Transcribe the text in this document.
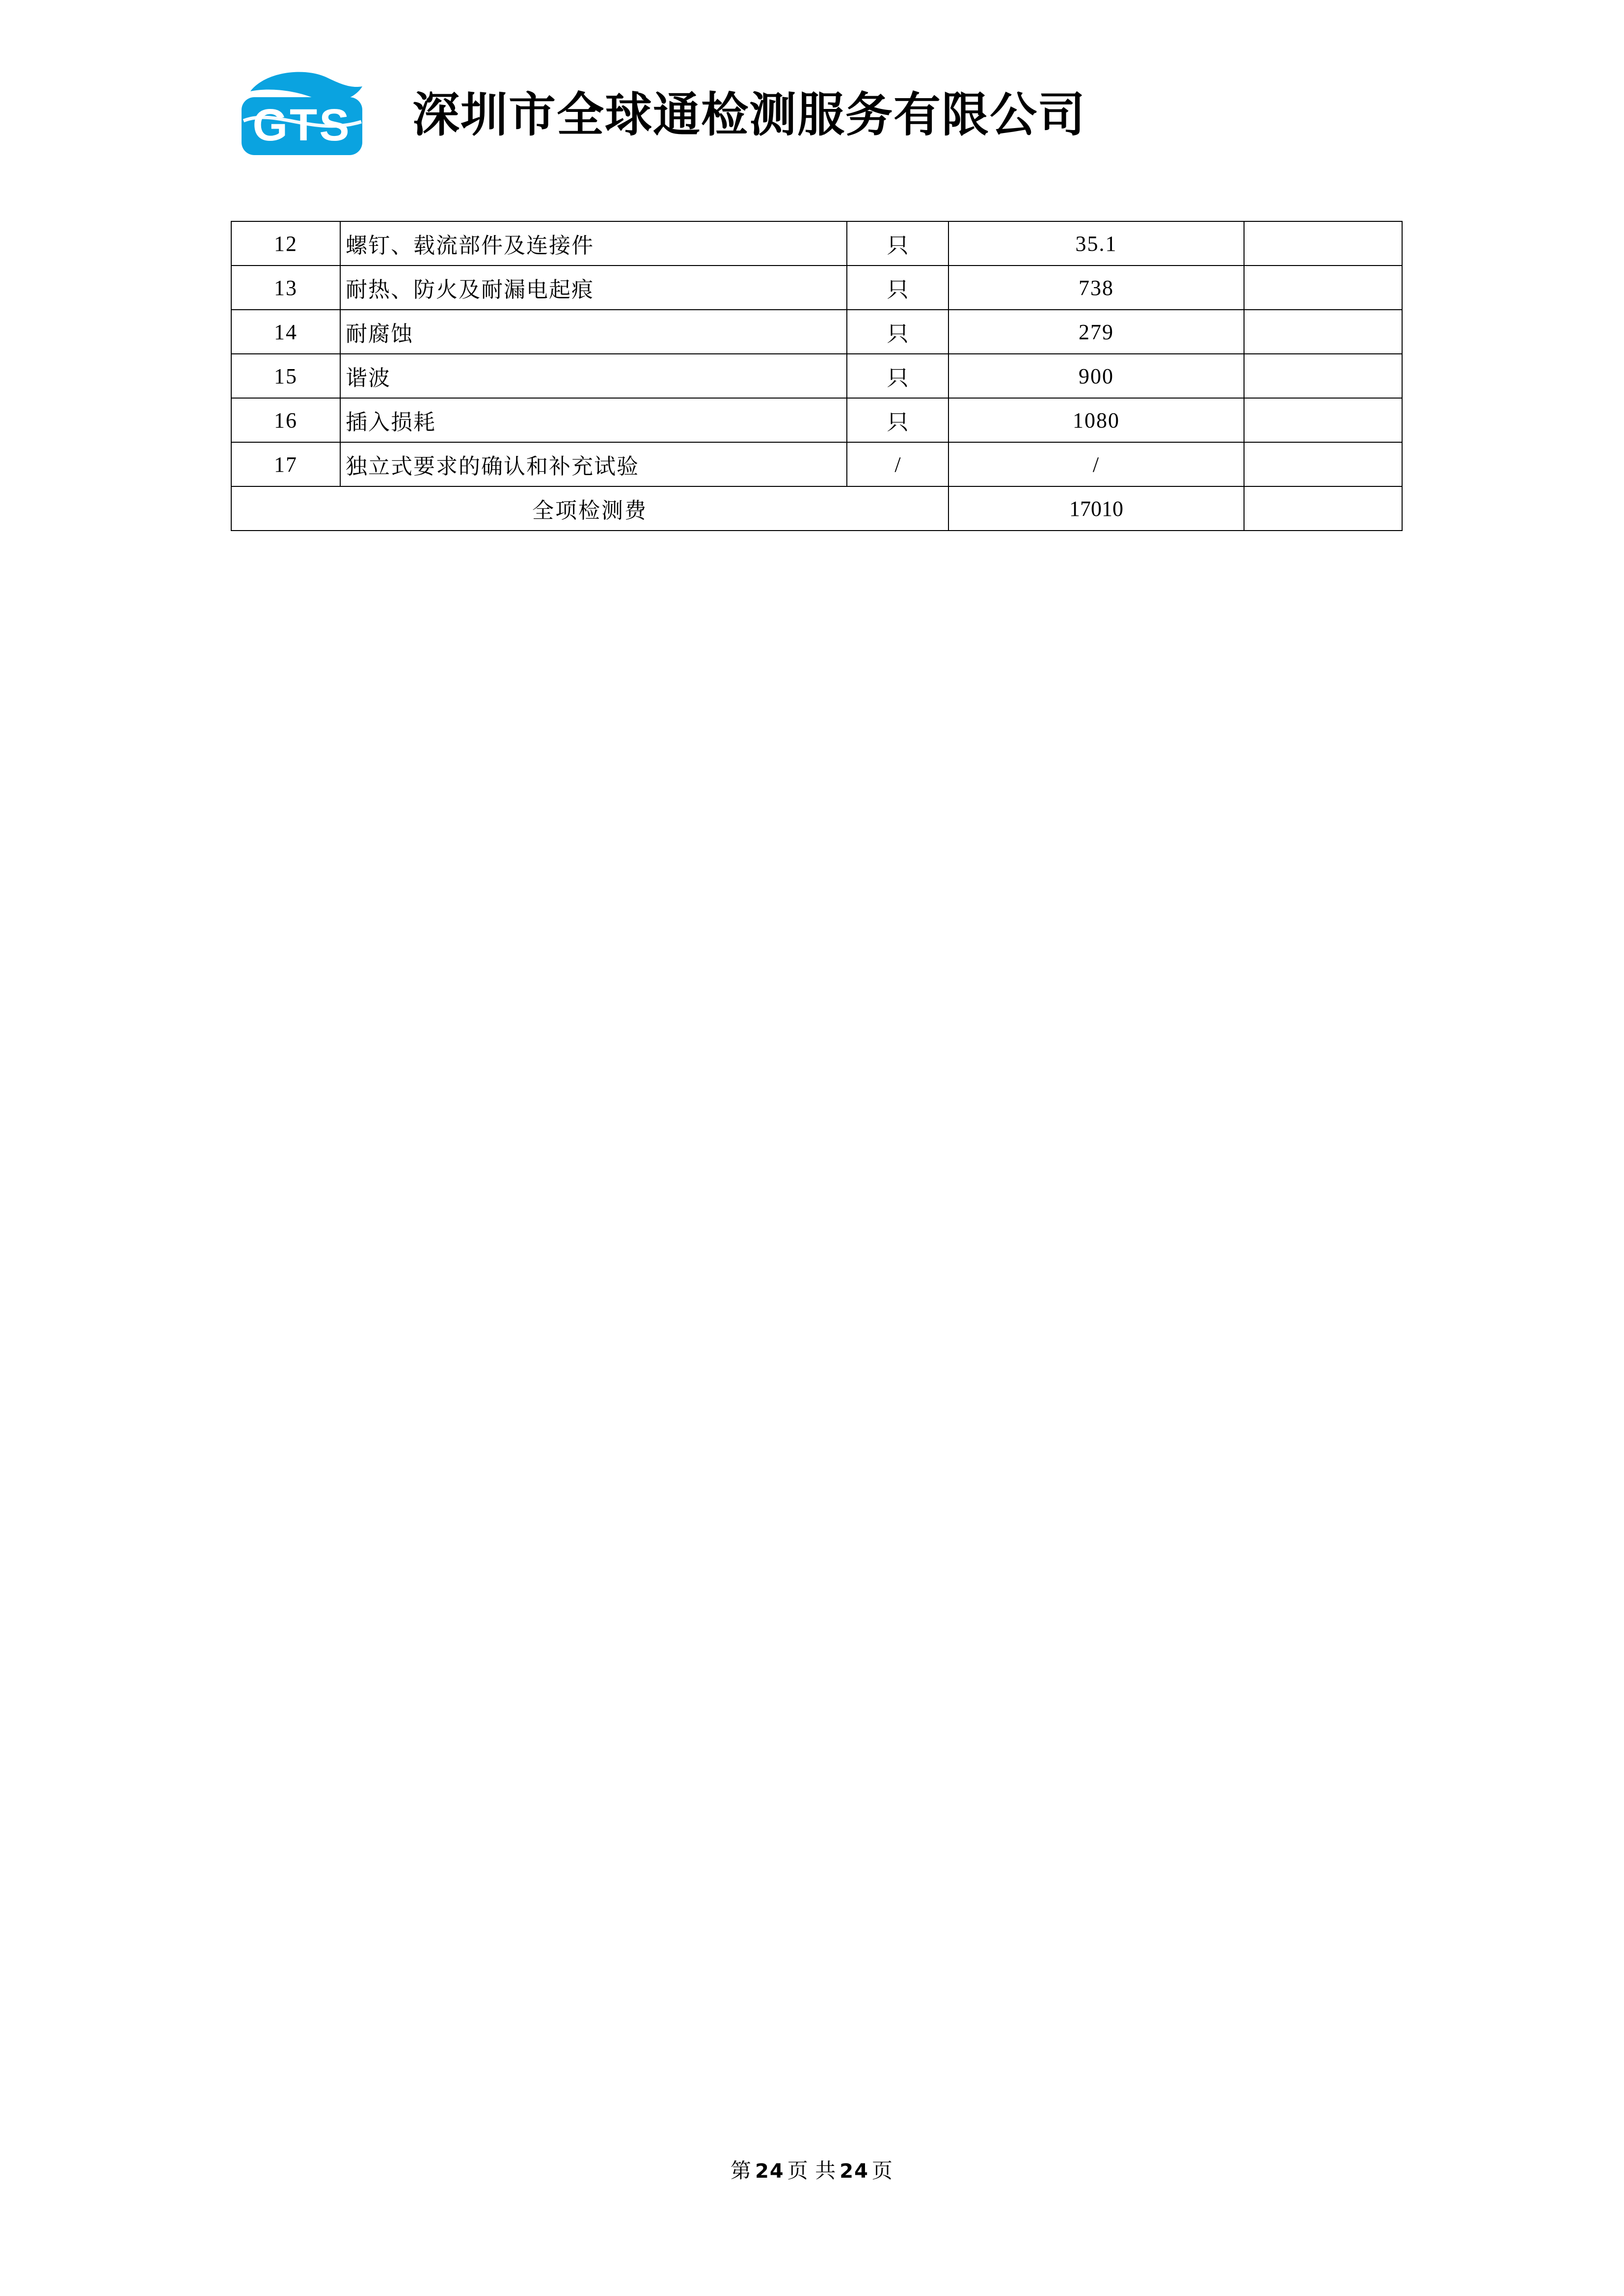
GTS 深圳市全球通检测服务有限公司
12	螺钉、载流部件及连接件	只	35.1	
13	耐热、防火及耐漏电起痕	只	738	
14	耐腐蚀	只	279	
15	谐波	只	900	
16	插入损耗	只	1080	
17	独立式要求的确认和补充试验	/	/	
全项检测费			17010	
第 24 页 共 24 页
